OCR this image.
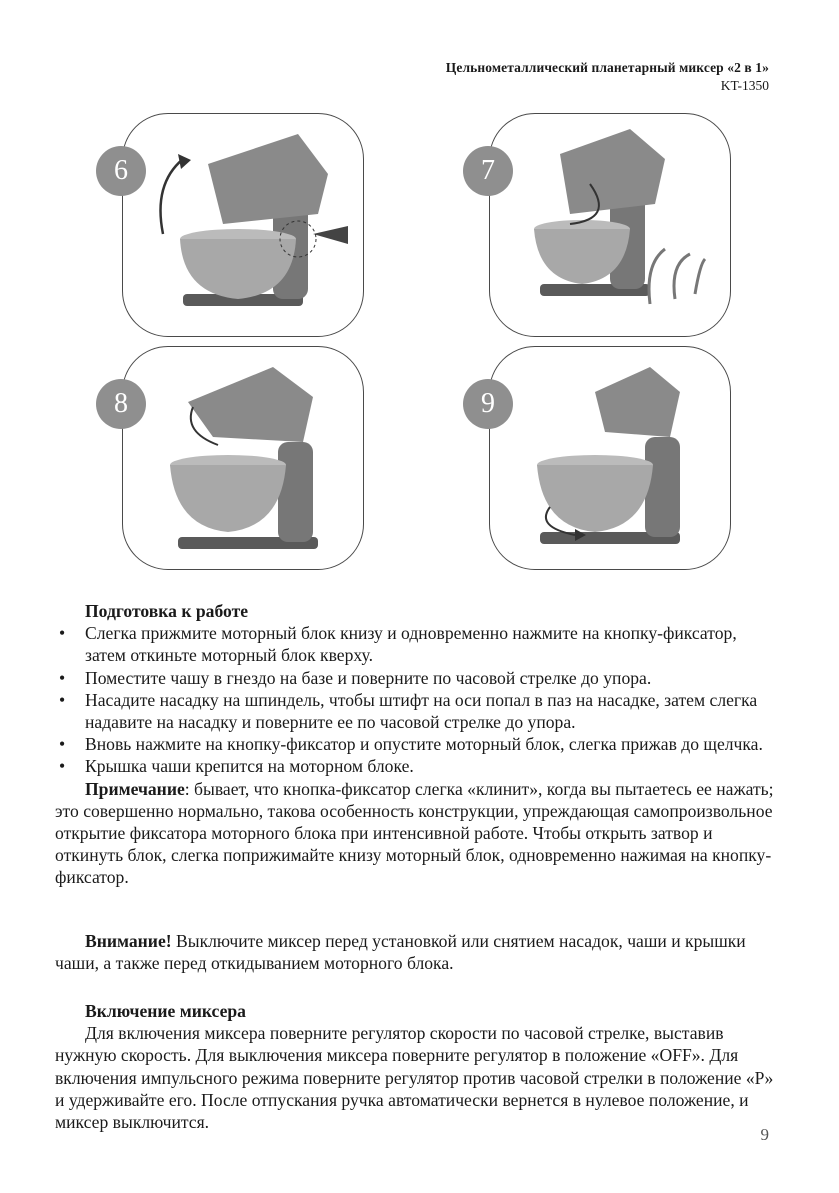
Цельнометаллический планетарный миксер «2 в 1»
KT-1350
6	7
8	9
Подготовка к работе
• Слегка прижмите моторный блок книзу и одновременно нажмите на кнопку-фиксатор, затем откиньте моторный блок кверху.
• Поместите чашу в гнездо на базе и поверните по часовой стрелке до упора.
• Насадите насадку на шпиндель, чтобы штифт на оси попал в паз на насадке, затем слегка надавите на насадку и поверните ее по часовой стрелке до упора.
• Вновь нажмите на кнопку-фиксатор и опустите моторный блок, слегка прижав до щелчка.
• Крышка чаши крепится на моторном блоке.
Примечание: бывает, что кнопка-фиксатор слегка «клинит», когда вы пытаетесь ее нажать; это совершенно нормально, такова особенность конструкции, упреждающая самопроизвольное открытие фиксатора моторного блока при интенсивной работе. Чтобы открыть затвор и откинуть блок, слегка поприжимайте книзу моторный блок, одновременно нажимая на кнопку-фиксатор.
Внимание! Выключите миксер перед установкой или снятием насадок, чаши и крышки чаши, а также перед откидыванием моторного блока.
Включение миксера
Для включения миксера поверните регулятор скорости по часовой стрелке, выставив нужную скорость. Для выключения миксера поверните регулятор в положение «OFF». Для включения импульсного режима поверните регулятор против часовой стрелки в положение «P» и удерживайте его. После отпускания ручка автоматически вернется в нулевое положение, и миксер выключится.
9
